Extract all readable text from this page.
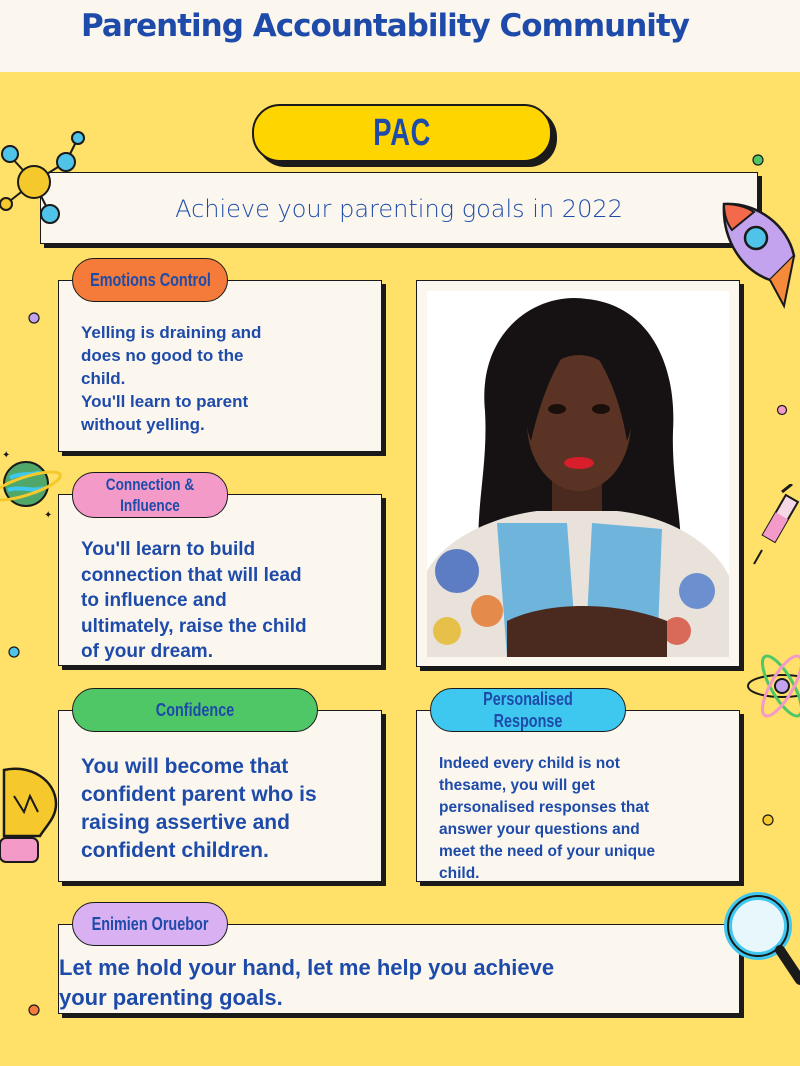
Parenting Accountability Community
PAC
Achieve your parenting goals in 2022
Yelling is draining and
does no good to the
child.
You'll learn to parent
without yelling.
Emotions Control
You'll learn to build
connection that will lead
to influence and
ultimately, raise the child
of your dream.
Connection & Influence
You will become that
confident parent who is
raising assertive and
confident children.
Confidence
Indeed every child is not
thesame, you will get
personalised responses that
answer your questions and
meet the need of your unique
child.
Personalised Response
Let me hold your hand, let me help you achieve
your parenting goals.
Enimien Oruebor
✦
✦
